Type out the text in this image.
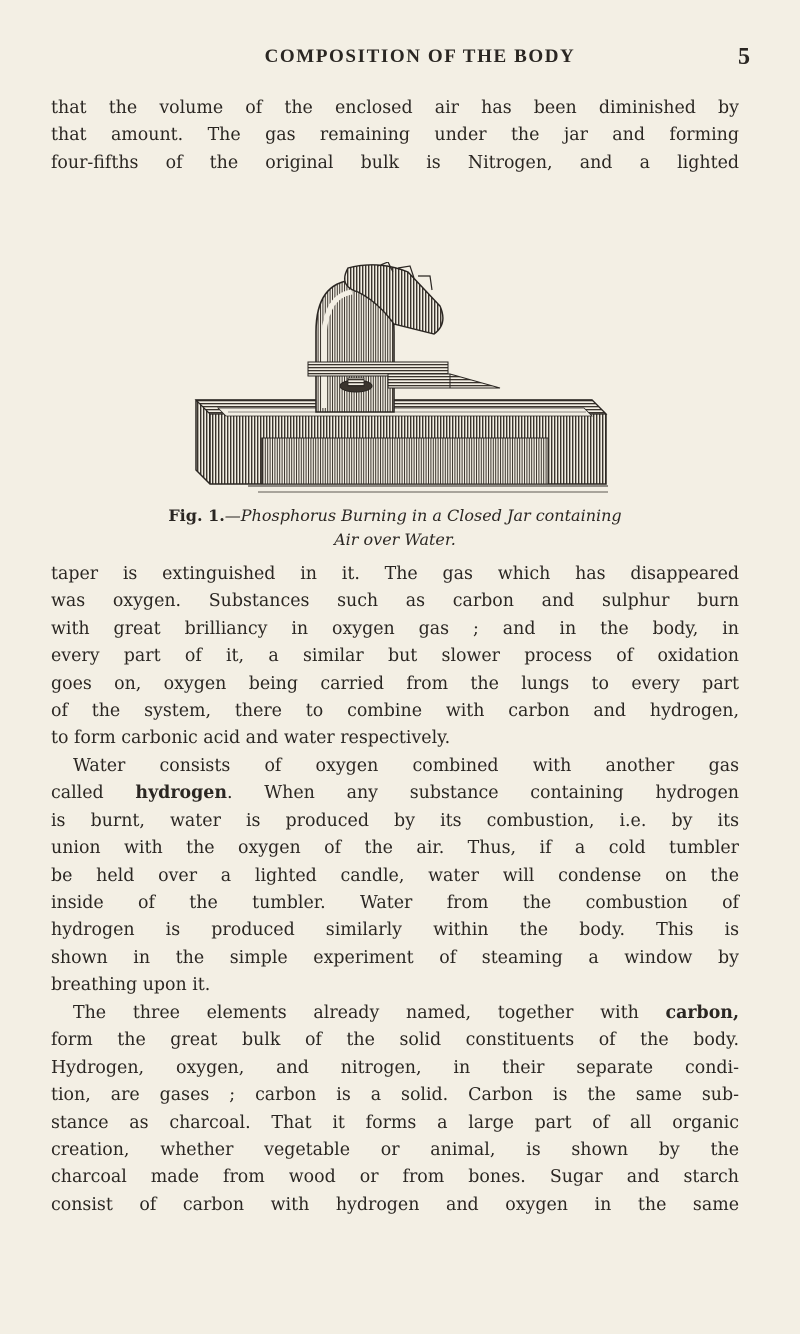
COMPOSITION OF THE BODY	5

that the volume of the enclosed air has been diminished by
that amount. The gas remaining under the jar and forming
four-fifths of the original bulk is Nitrogen, and a lighted

Fig. 1.—Phosphorus Burning in a Closed Jar containing
Air over Water.

taper is extinguished in it. The gas which has disappeared
was oxygen. Substances such as carbon and sulphur burn
with great brilliancy in oxygen gas ; and in the body, in
every part of it, a similar but slower process of oxidation
goes on, oxygen being carried from the lungs to every part
of the system, there to combine with carbon and hydrogen,
to form carbonic acid and water respectively.

Water consists of oxygen combined with another gas
called hydrogen. When any substance containing hydrogen
is burnt, water is produced by its combustion, i.e. by its
union with the oxygen of the air. Thus, if a cold tumbler
be held over a lighted candle, water will condense on the
inside of the tumbler. Water from the combustion of
hydrogen is produced similarly within the body. This is
shown in the simple experiment of steaming a window by
breathing upon it.

The three elements already named, together with carbon,
form the great bulk of the solid constituents of the body.
Hydrogen, oxygen, and nitrogen, in their separate condi-
tion, are gases ; carbon is a solid. Carbon is the same sub-
stance as charcoal. That it forms a large part of all organic
creation, whether vegetable or animal, is shown by the
charcoal made from wood or from bones. Sugar and starch
consist of carbon with hydrogen and oxygen in the same
